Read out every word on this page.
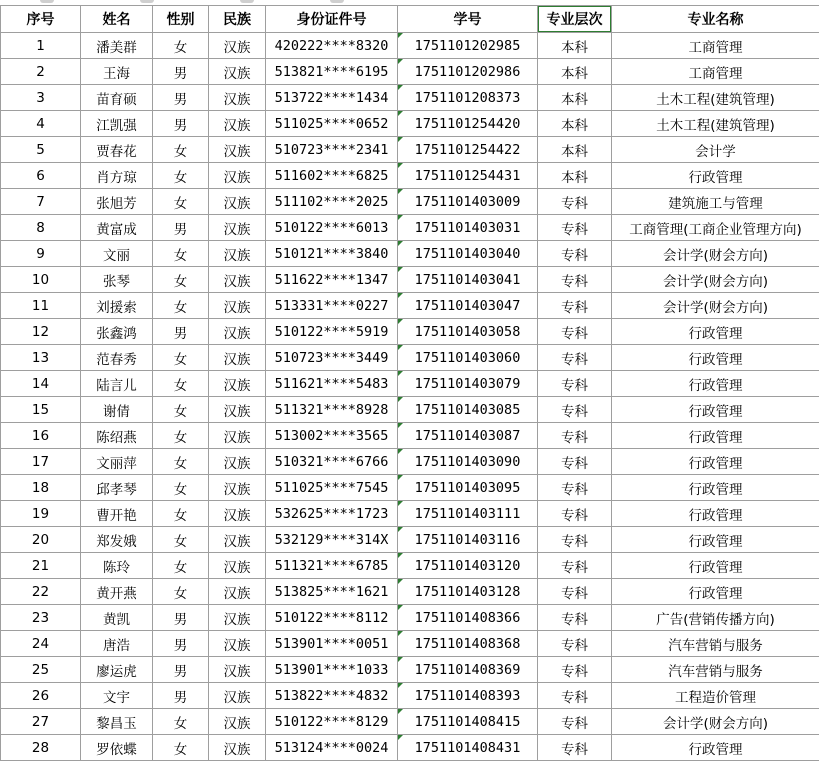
序号	姓名	性别	民族	身份证件号	学号	专业层次	专业名称
1	潘美群	女	汉族	420222****8320	1751101202985	本科	工商管理
2	王海	男	汉族	513821****6195	1751101202986	本科	工商管理
3	苗育硕	男	汉族	513722****1434	1751101208373	本科	土木工程(建筑管理)
4	江凯强	男	汉族	511025****0652	1751101254420	本科	土木工程(建筑管理)
5	贾春花	女	汉族	510723****2341	1751101254422	本科	会计学
6	肖方琼	女	汉族	511602****6825	1751101254431	本科	行政管理
7	张旭芳	女	汉族	511102****2025	1751101403009	专科	建筑施工与管理
8	黄富成	男	汉族	510122****6013	1751101403031	专科	工商管理(工商企业管理方向)
9	文丽	女	汉族	510121****3840	1751101403040	专科	会计学(财会方向)
10	张琴	女	汉族	511622****1347	1751101403041	专科	会计学(财会方向)
11	刘援索	女	汉族	513331****0227	1751101403047	专科	会计学(财会方向)
12	张鑫鸿	男	汉族	510122****5919	1751101403058	专科	行政管理
13	范春秀	女	汉族	510723****3449	1751101403060	专科	行政管理
14	陆言儿	女	汉族	511621****5483	1751101403079	专科	行政管理
15	谢倩	女	汉族	511321****8928	1751101403085	专科	行政管理
16	陈绍燕	女	汉族	513002****3565	1751101403087	专科	行政管理
17	文丽萍	女	汉族	510321****6766	1751101403090	专科	行政管理
18	邱孝琴	女	汉族	511025****7545	1751101403095	专科	行政管理
19	曹开艳	女	汉族	532625****1723	1751101403111	专科	行政管理
20	郑发娥	女	汉族	532129****314X	1751101403116	专科	行政管理
21	陈玲	女	汉族	511321****6785	1751101403120	专科	行政管理
22	黄开燕	女	汉族	513825****1621	1751101403128	专科	行政管理
23	黄凯	男	汉族	510122****8112	1751101408366	专科	广告(营销传播方向)
24	唐浩	男	汉族	513901****0051	1751101408368	专科	汽车营销与服务
25	廖运虎	男	汉族	513901****1033	1751101408369	专科	汽车营销与服务
26	文宇	男	汉族	513822****4832	1751101408393	专科	工程造价管理
27	黎昌玉	女	汉族	510122****8129	1751101408415	专科	会计学(财会方向)
28	罗依蝶	女	汉族	513124****0024	1751101408431	专科	行政管理
